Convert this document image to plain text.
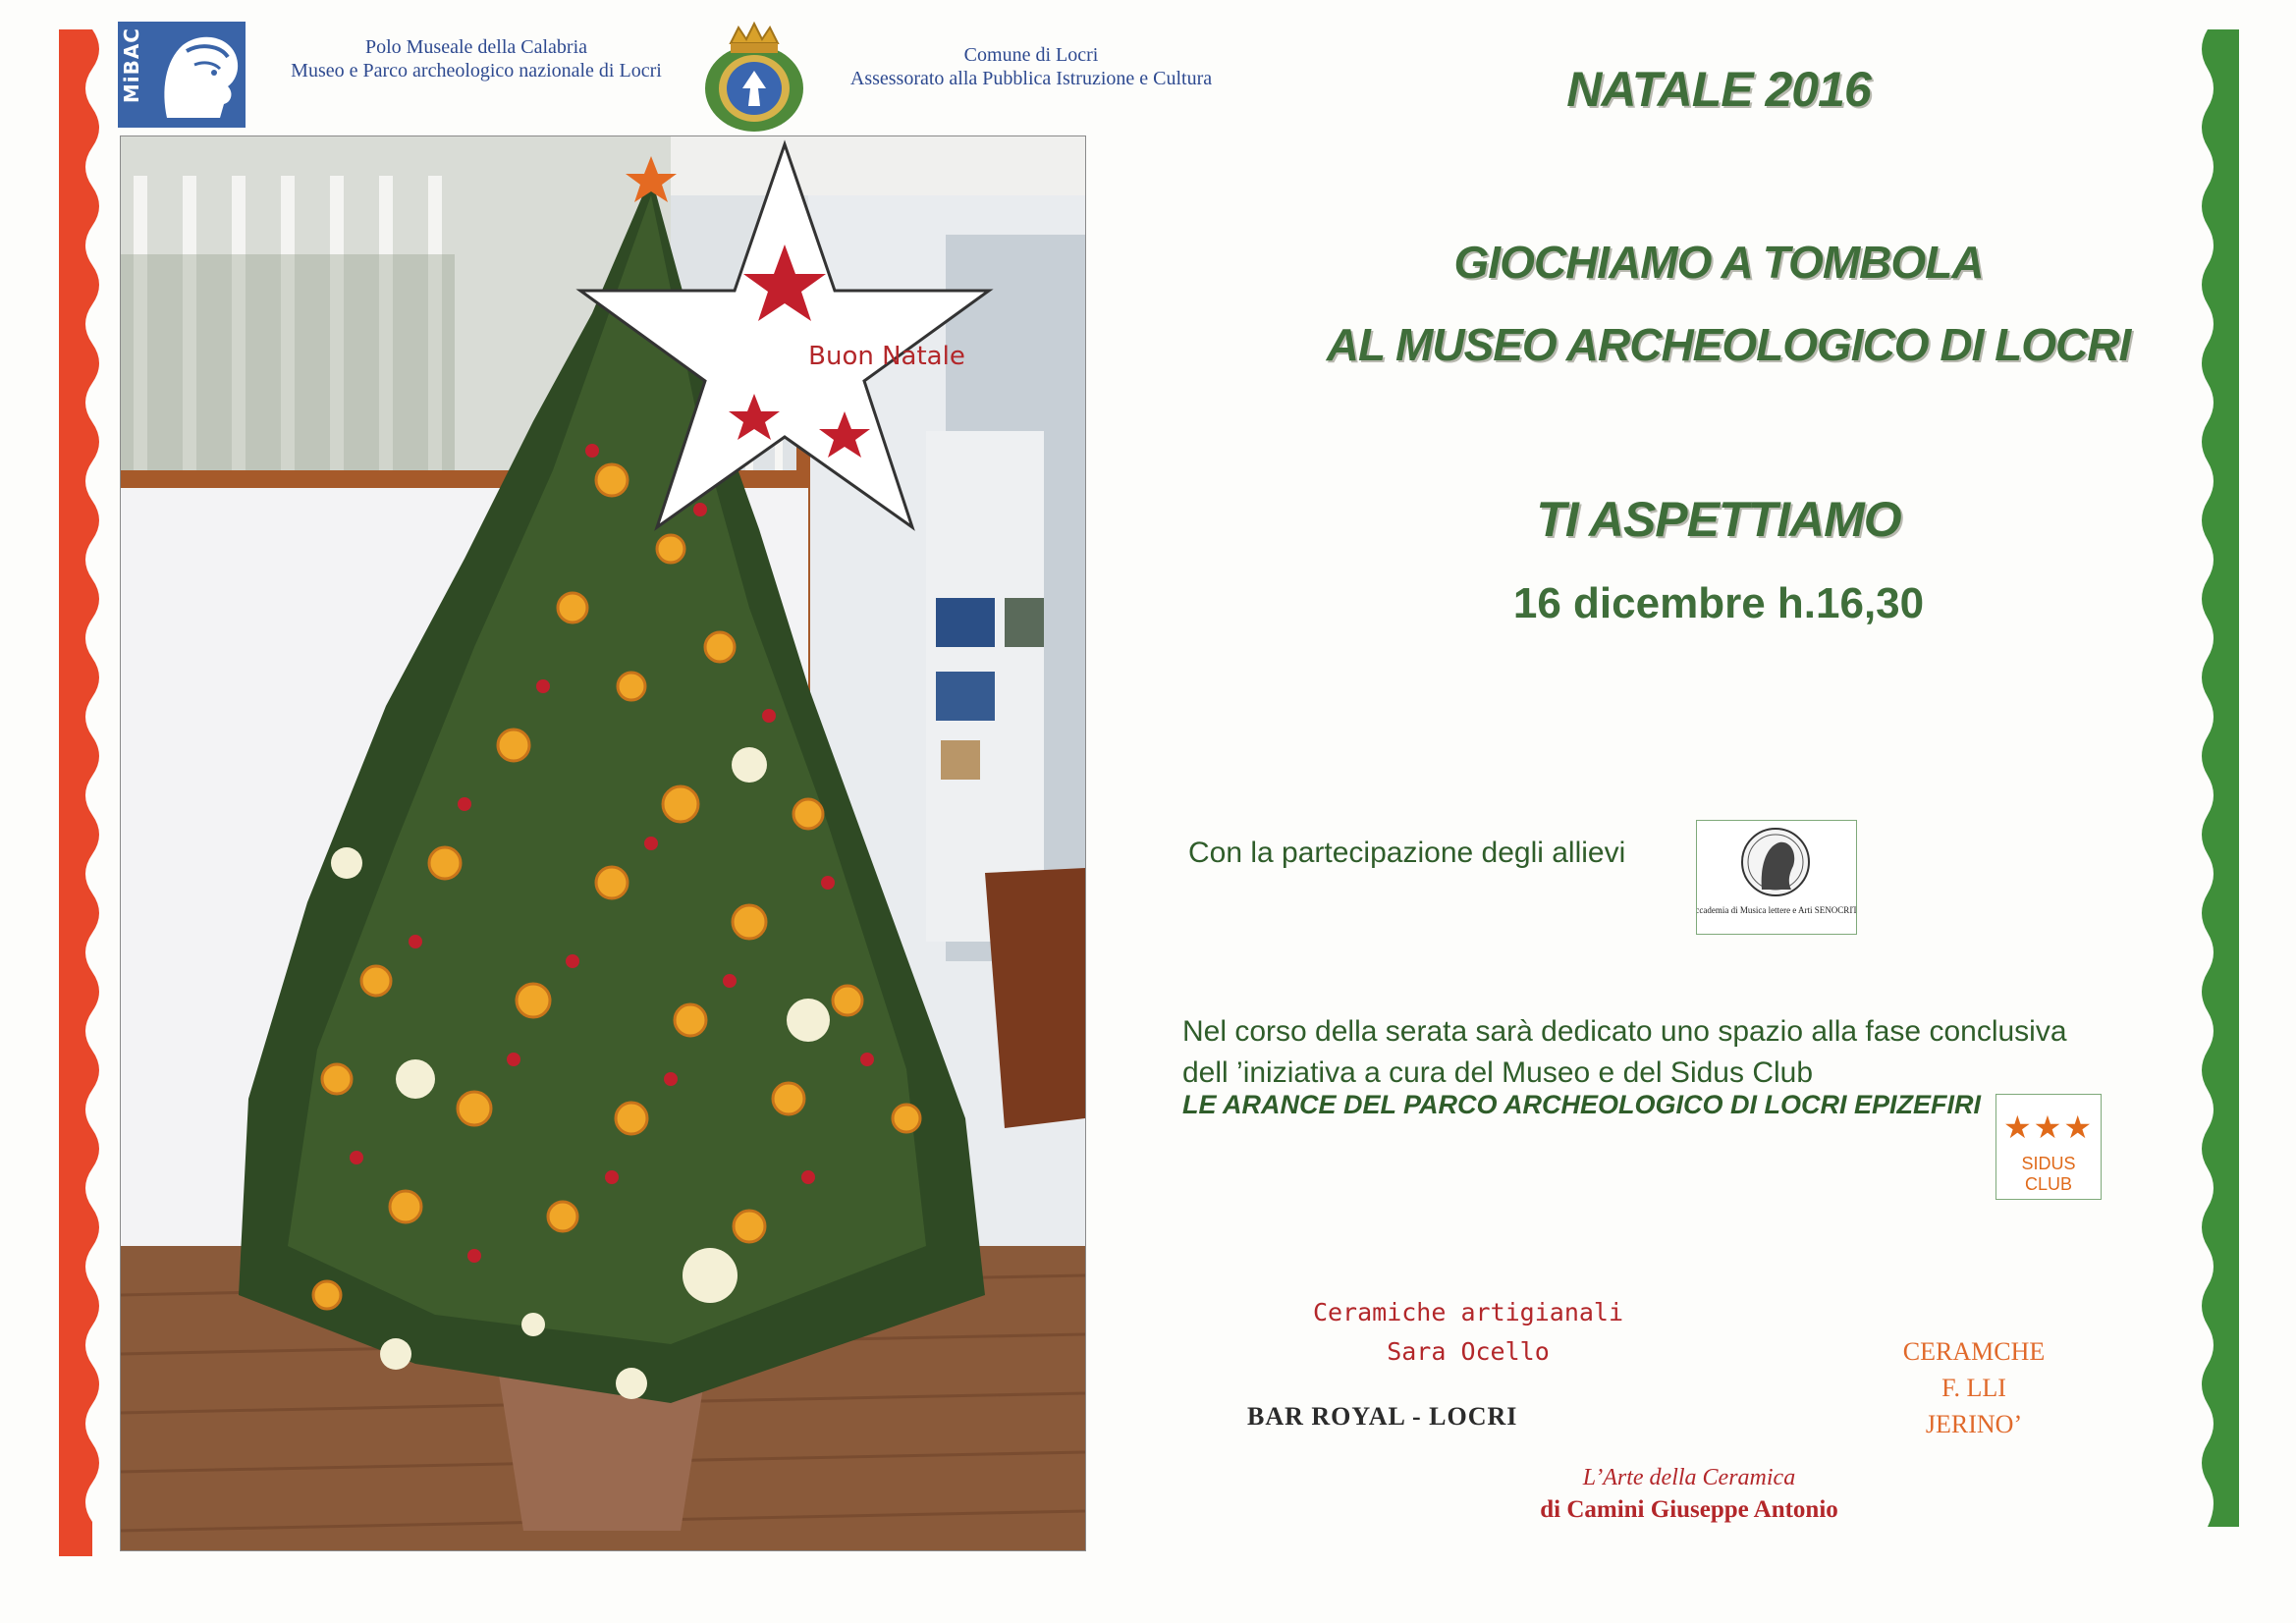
MiBAC	Polo Museale della Calabria
Museo e Parco archeologico nazionale di Locri
Comune di Locri
Assessorato alla Pubblica Istruzione e Cultura
Buon Natale
NATALE 2016
GIOCHIAMO A TOMBOLA
AL MUSEO ARCHEOLOGICO DI LOCRI
TI ASPETTIAMO
16 dicembre h.16,30
Con la partecipazione degli allievi
Accademia di Musica lettere e Arti SENOCRITO
Nel corso della serata sarà dedicato uno spazio alla fase conclusiva
dell ’iniziativa a cura del Museo e del Sidus Club
LE ARANCE DEL PARCO ARCHEOLOGICO DI LOCRI EPIZEFIRI
★★★
SIDUS CLUB
Ceramiche artigianali
Sara Ocello
BAR ROYAL - LOCRI
CERAMCHE
F. LLI
JERINO’
L’Arte della Ceramica
di Camini Giuseppe Antonio
